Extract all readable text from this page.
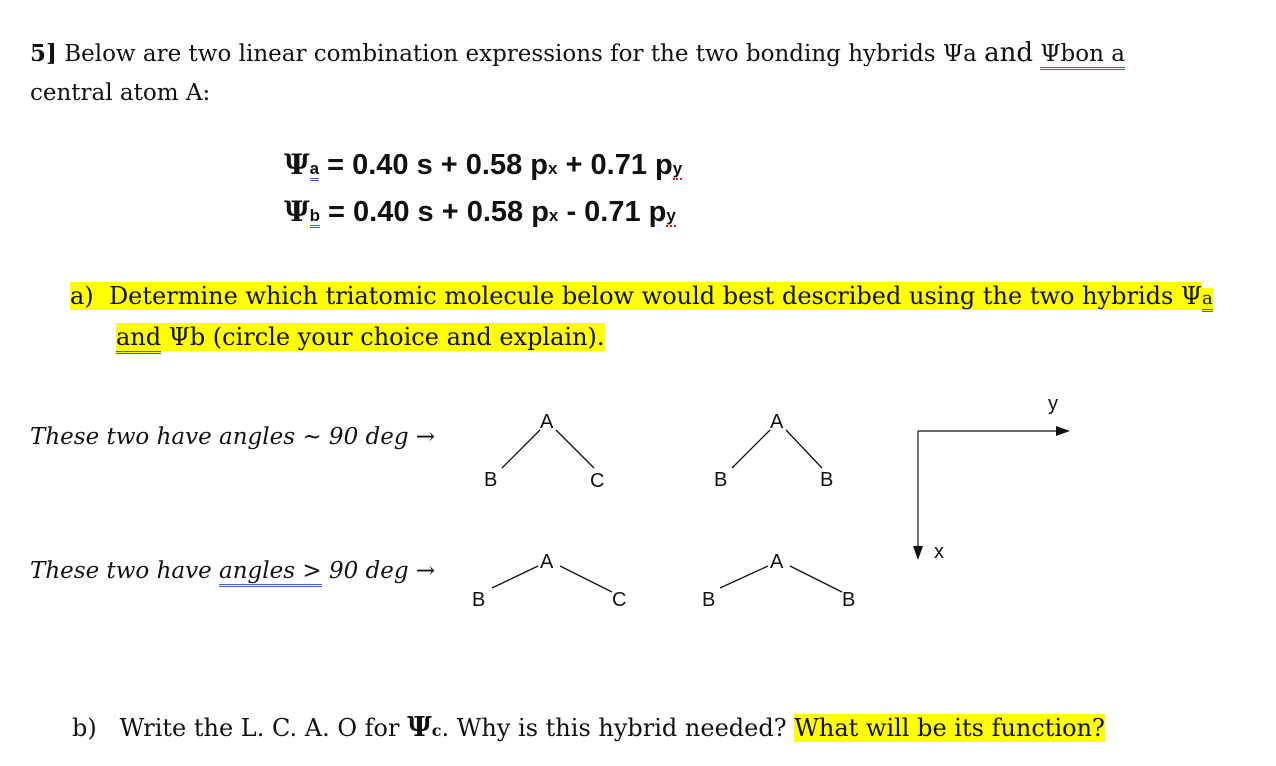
5] Below are two linear combination expressions for the two bonding hybrids Ψa and Ψbon a
central atom A:
Ψa = 0.40 s + 0.58 px + 0.71 py
Ψb = 0.40 s + 0.58 px - 0.71 py
a) Determine which triatomic molecule below would best described using the two hybrids Ψa
and Ψb (circle your choice and explain).
These two have angles ~ 90 deg →
These two have angles > 90 deg →
A
B	C
A
B	B
A
B	C
A
B	B
y
x
b) Write the L. C. A. O for Ψc. Why is this hybrid needed? What will be its function?
